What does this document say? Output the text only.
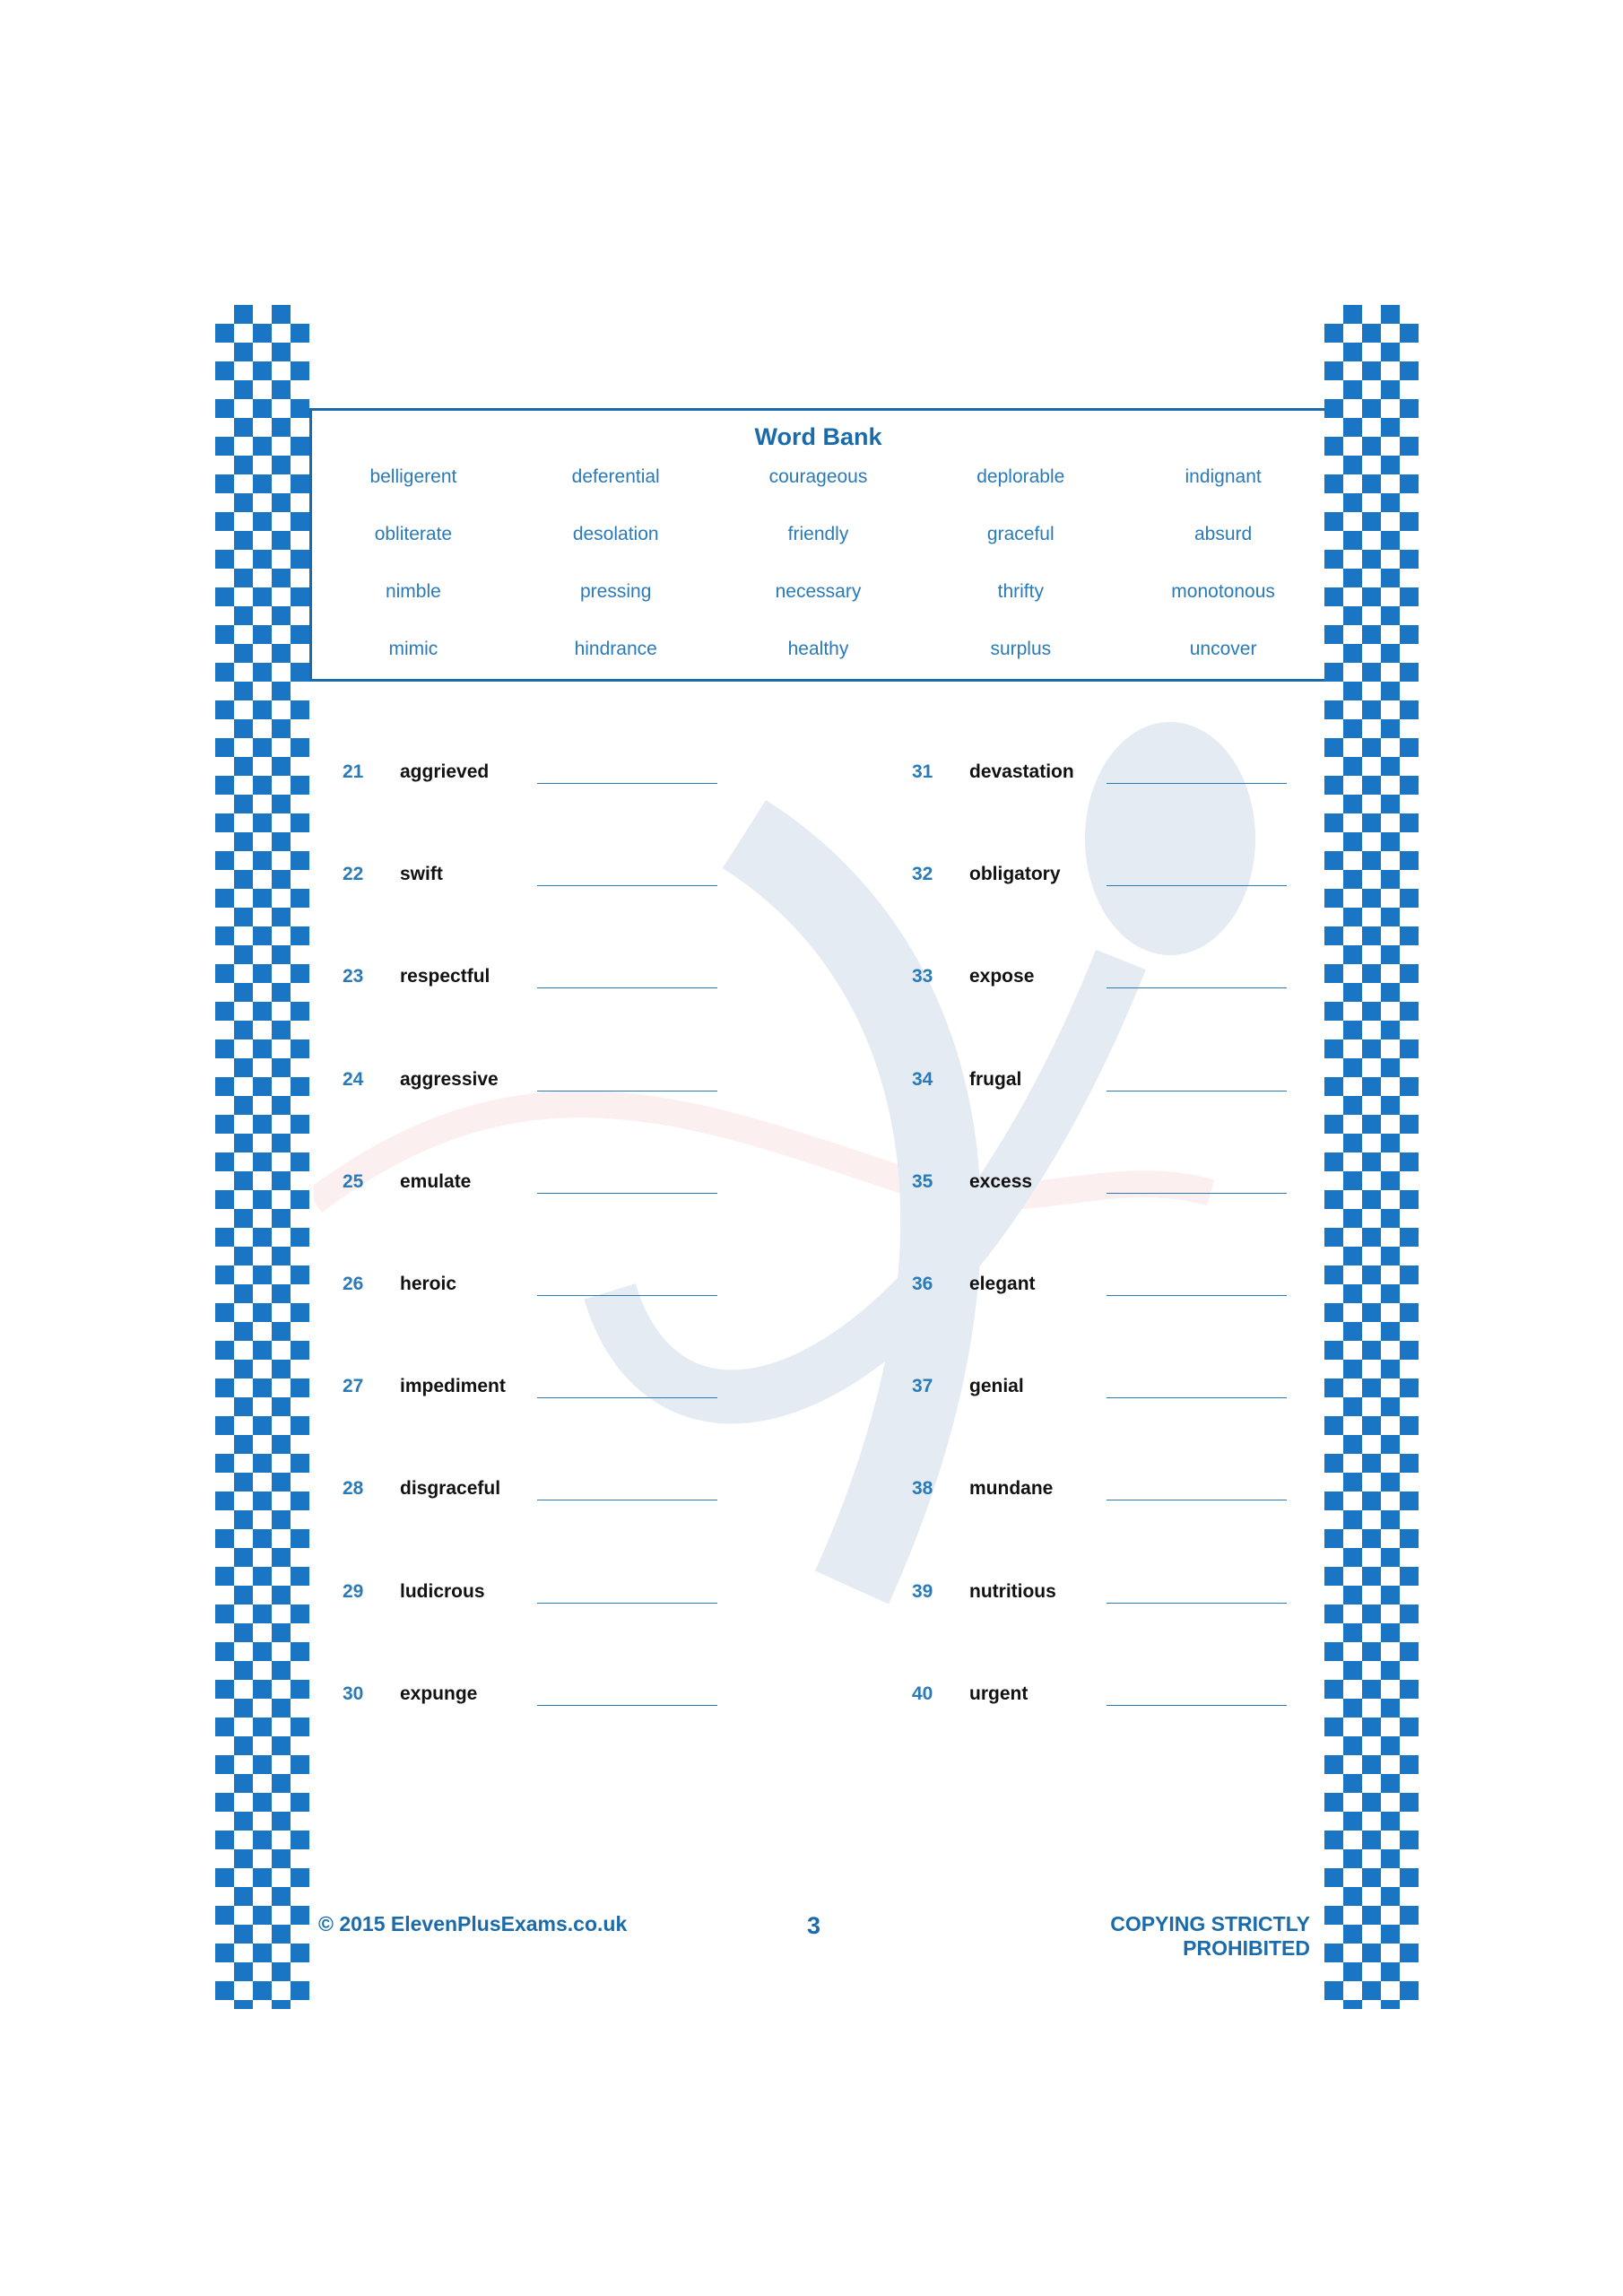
Word Bank
belligerent	deferential	courageous	deplorable	indignant
obliterate	desolation	friendly	graceful	absurd
nimble	pressing	necessary	thrifty	monotonous
mimic	hindrance	healthy	surplus	uncover
21 aggrieved
22 swift
23 respectful
24 aggressive
25 emulate
26 heroic
27 impediment
28 disgraceful
29 ludicrous
30 expunge
31 devastation
32 obligatory
33 expose
34 frugal
35 excess
36 elegant
37 genial
38 mundane
39 nutritious
40 urgent
© 2015 ElevenPlusExams.co.uk	3	COPYING STRICTLY PROHIBITED
